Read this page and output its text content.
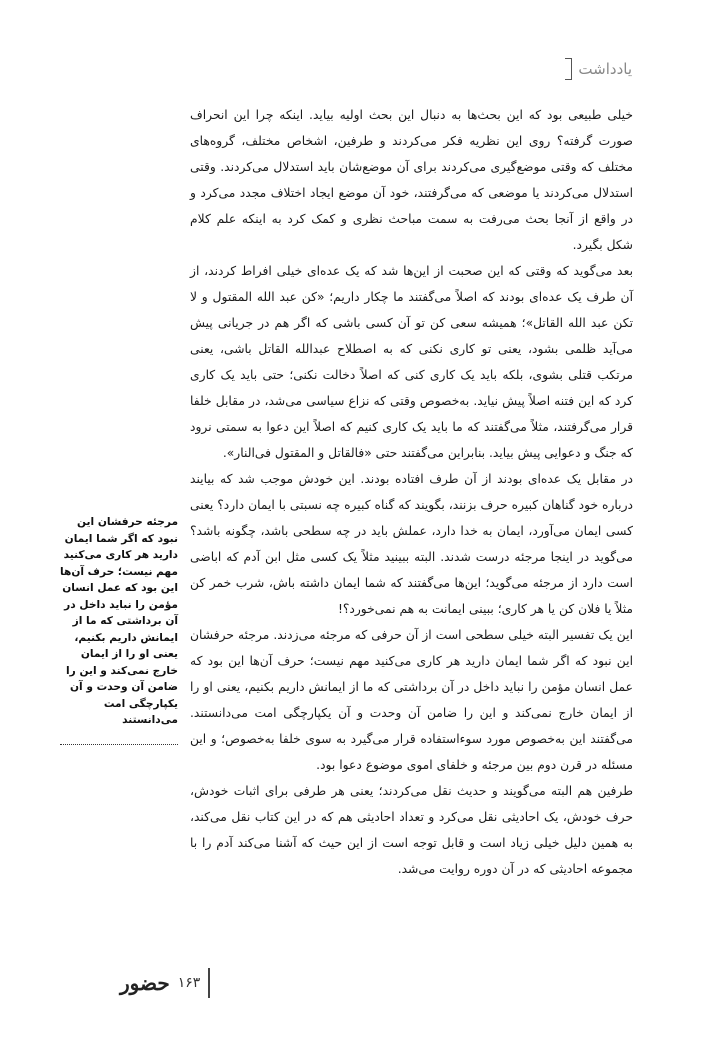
یادداشت

خیلی طبیعی بود که این بحث‌ها به دنبال این بحث اولیه بیاید. اینکه چرا این انحراف صورت گرفته؟ روی این نظریه فکر می‌کردند و طرفین، اشخاص مختلف، گروه‌های مختلف که وقتی موضع‌گیری می‌کردند برای آن موضع‌شان باید استدلال می‌کردند. وقتی استدلال می‌کردند یا موضعی که می‌گرفتند، خود آن موضع ایجاد اختلاف مجدد می‌کرد و در واقع از آنجا بحث می‌رفت به سمت مباحث نظری و کمک کرد به اینکه علم کلام شکل بگیرد.

بعد می‌گوید که وقتی که این صحبت از این‌ها شد که یک عده‌ای خیلی افراط کردند، از آن طرف یک عده‌ای بودند که اصلاً می‌گفتند ما چکار داریم؛ «کن عبد الله المقتول و لا تکن عبد الله القاتل»؛ همیشه سعی کن تو آن کسی باشی که اگر هم در جریانی پیش می‌آید ظلمی بشود، یعنی تو کاری نکنی که به اصطلاح عبدالله القاتل باشی، یعنی مرتکب قتلی بشوی، بلکه باید یک کاری کنی که اصلاً دخالت نکنی؛ حتی باید یک کاری کرد که این فتنه اصلاً پیش نیاید. به‌خصوص وقتی که نزاع سیاسی می‌شد، در مقابل خلفا قرار می‌گرفتند، مثلاً می‌گفتند که ما باید یک کاری کنیم که اصلاً این دعوا به سمتی نرود که جنگ و دعوایی پیش بیاید. بنابراین می‌گفتند حتی «فالقاتل و المقتول فی‌النار».

در مقابل یک عده‌ای بودند از آن طرف افتاده بودند. این خودش موجب شد که بیایند درباره خود گناهان کبیره حرف بزنند، بگویند که گناه کبیره چه نسبتی با ایمان دارد؟ یعنی کسی ایمان می‌آورد، ایمان به خدا دارد، عملش باید در چه سطحی باشد، چگونه باشد؟ می‌گوید در اینجا مرجئه درست شدند. البته ببینید مثلاً یک کسی مثل ابن آدم که اباضی است دارد از مرجئه می‌گوید؛ این‌ها می‌گفتند که شما ایمان داشته باش، شرب خمر کن مثلاً یا فلان کن یا هر کاری؛ ببینی ایمانت به هم نمی‌خورد؟!

این یک تفسیر البته خیلی سطحی است از آن حرفی که مرجئه می‌زدند. مرجئه حرفشان این نبود که اگر شما ایمان دارید هر کاری می‌کنید مهم نیست؛ حرف آن‌ها این بود که عمل انسان مؤمن را نباید داخل در آن برداشتی که ما از ایمانش داریم بکنیم، یعنی او را از ایمان خارج نمی‌کند و این را ضامن آن وحدت و آن یکپارچگی امت می‌دانستند. می‌گفتند این به‌خصوص مورد سوءاستفاده قرار می‌گیرد به سوی خلفا به‌خصوص؛ و این مسئله در قرن دوم بین مرجئه و خلفای اموی موضوع دعوا بود.

طرفین هم البته می‌گویند و حدیث نقل می‌کردند؛ یعنی هر طرفی برای اثبات خودش، حرف خودش، یک احادیثی نقل می‌کرد و تعداد احادیثی هم که در این کتاب نقل می‌کند، به همین دلیل خیلی زیاد است و قابل توجه است از این حیث که آشنا می‌کند آدم را با مجموعه احادیثی که در آن دوره روایت می‌شد.

مرجئه حرفشان این نبود که اگر شما ایمان دارید هر کاری می‌کنید مهم نیست؛ حرف آن‌ها این بود که عمل انسان مؤمن را نباید داخل در آن برداشتی که ما از ایمانش داریم بکنیم، یعنی او را از ایمان خارج نمی‌کند و این را ضامن آن وحدت و آن یکپارچگی امت می‌دانستند
حضور ۱۶۳
